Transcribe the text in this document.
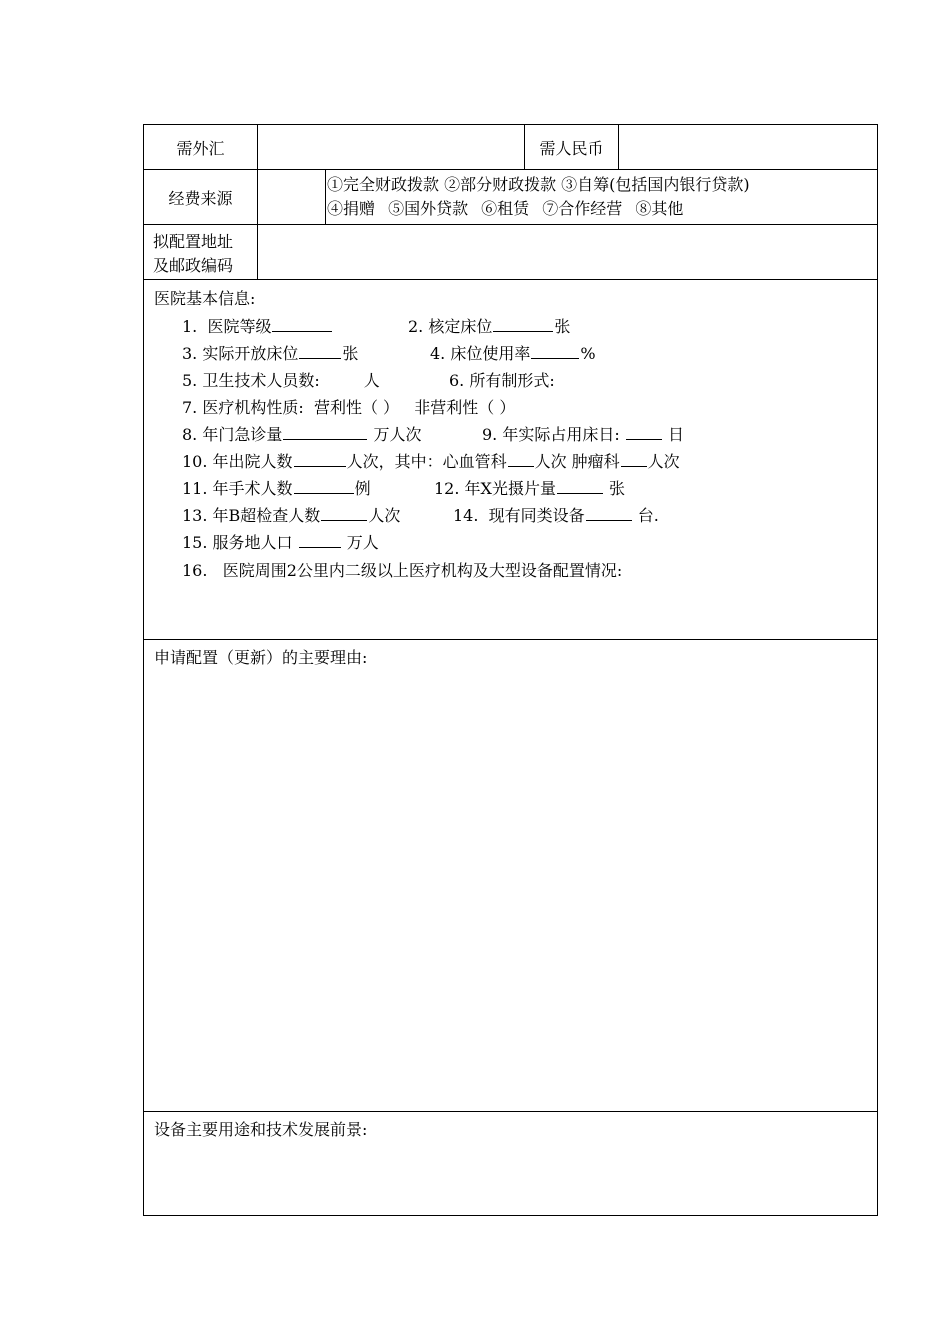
需外汇	需人民币
经费来源
①完全财政拨款 ②部分财政拨款 ③自筹(包括国内银行贷款)
④捐赠 ⑤国外贷款 ⑥租赁 ⑦合作经营 ⑧其他
拟配置地址
及邮政编码
医院基本信息:
1. 医院等级	2. 核定床位	张
3. 实际开放床位	张	4. 床位使用率	%
5. 卫生技术人员数:	人	6. 所有制形式:
7. 医疗机构性质: 营利性（ ） 非营利性（ ）
8. 年门急诊量	万人次	9. 年实际占用床日:	日
10. 年出院人数	人次，其中：心血管科 人次 肿瘤科 人次
11. 年手术人数	例	12. 年X光摄片量	张
13. 年B超检查人数	人次	14. 现有同类设备	台.
15. 服务地人口	万人
16. 医院周围2公里内二级以上医疗机构及大型设备配置情况:
申请配置（更新）的主要理由:
设备主要用途和技术发展前景:
